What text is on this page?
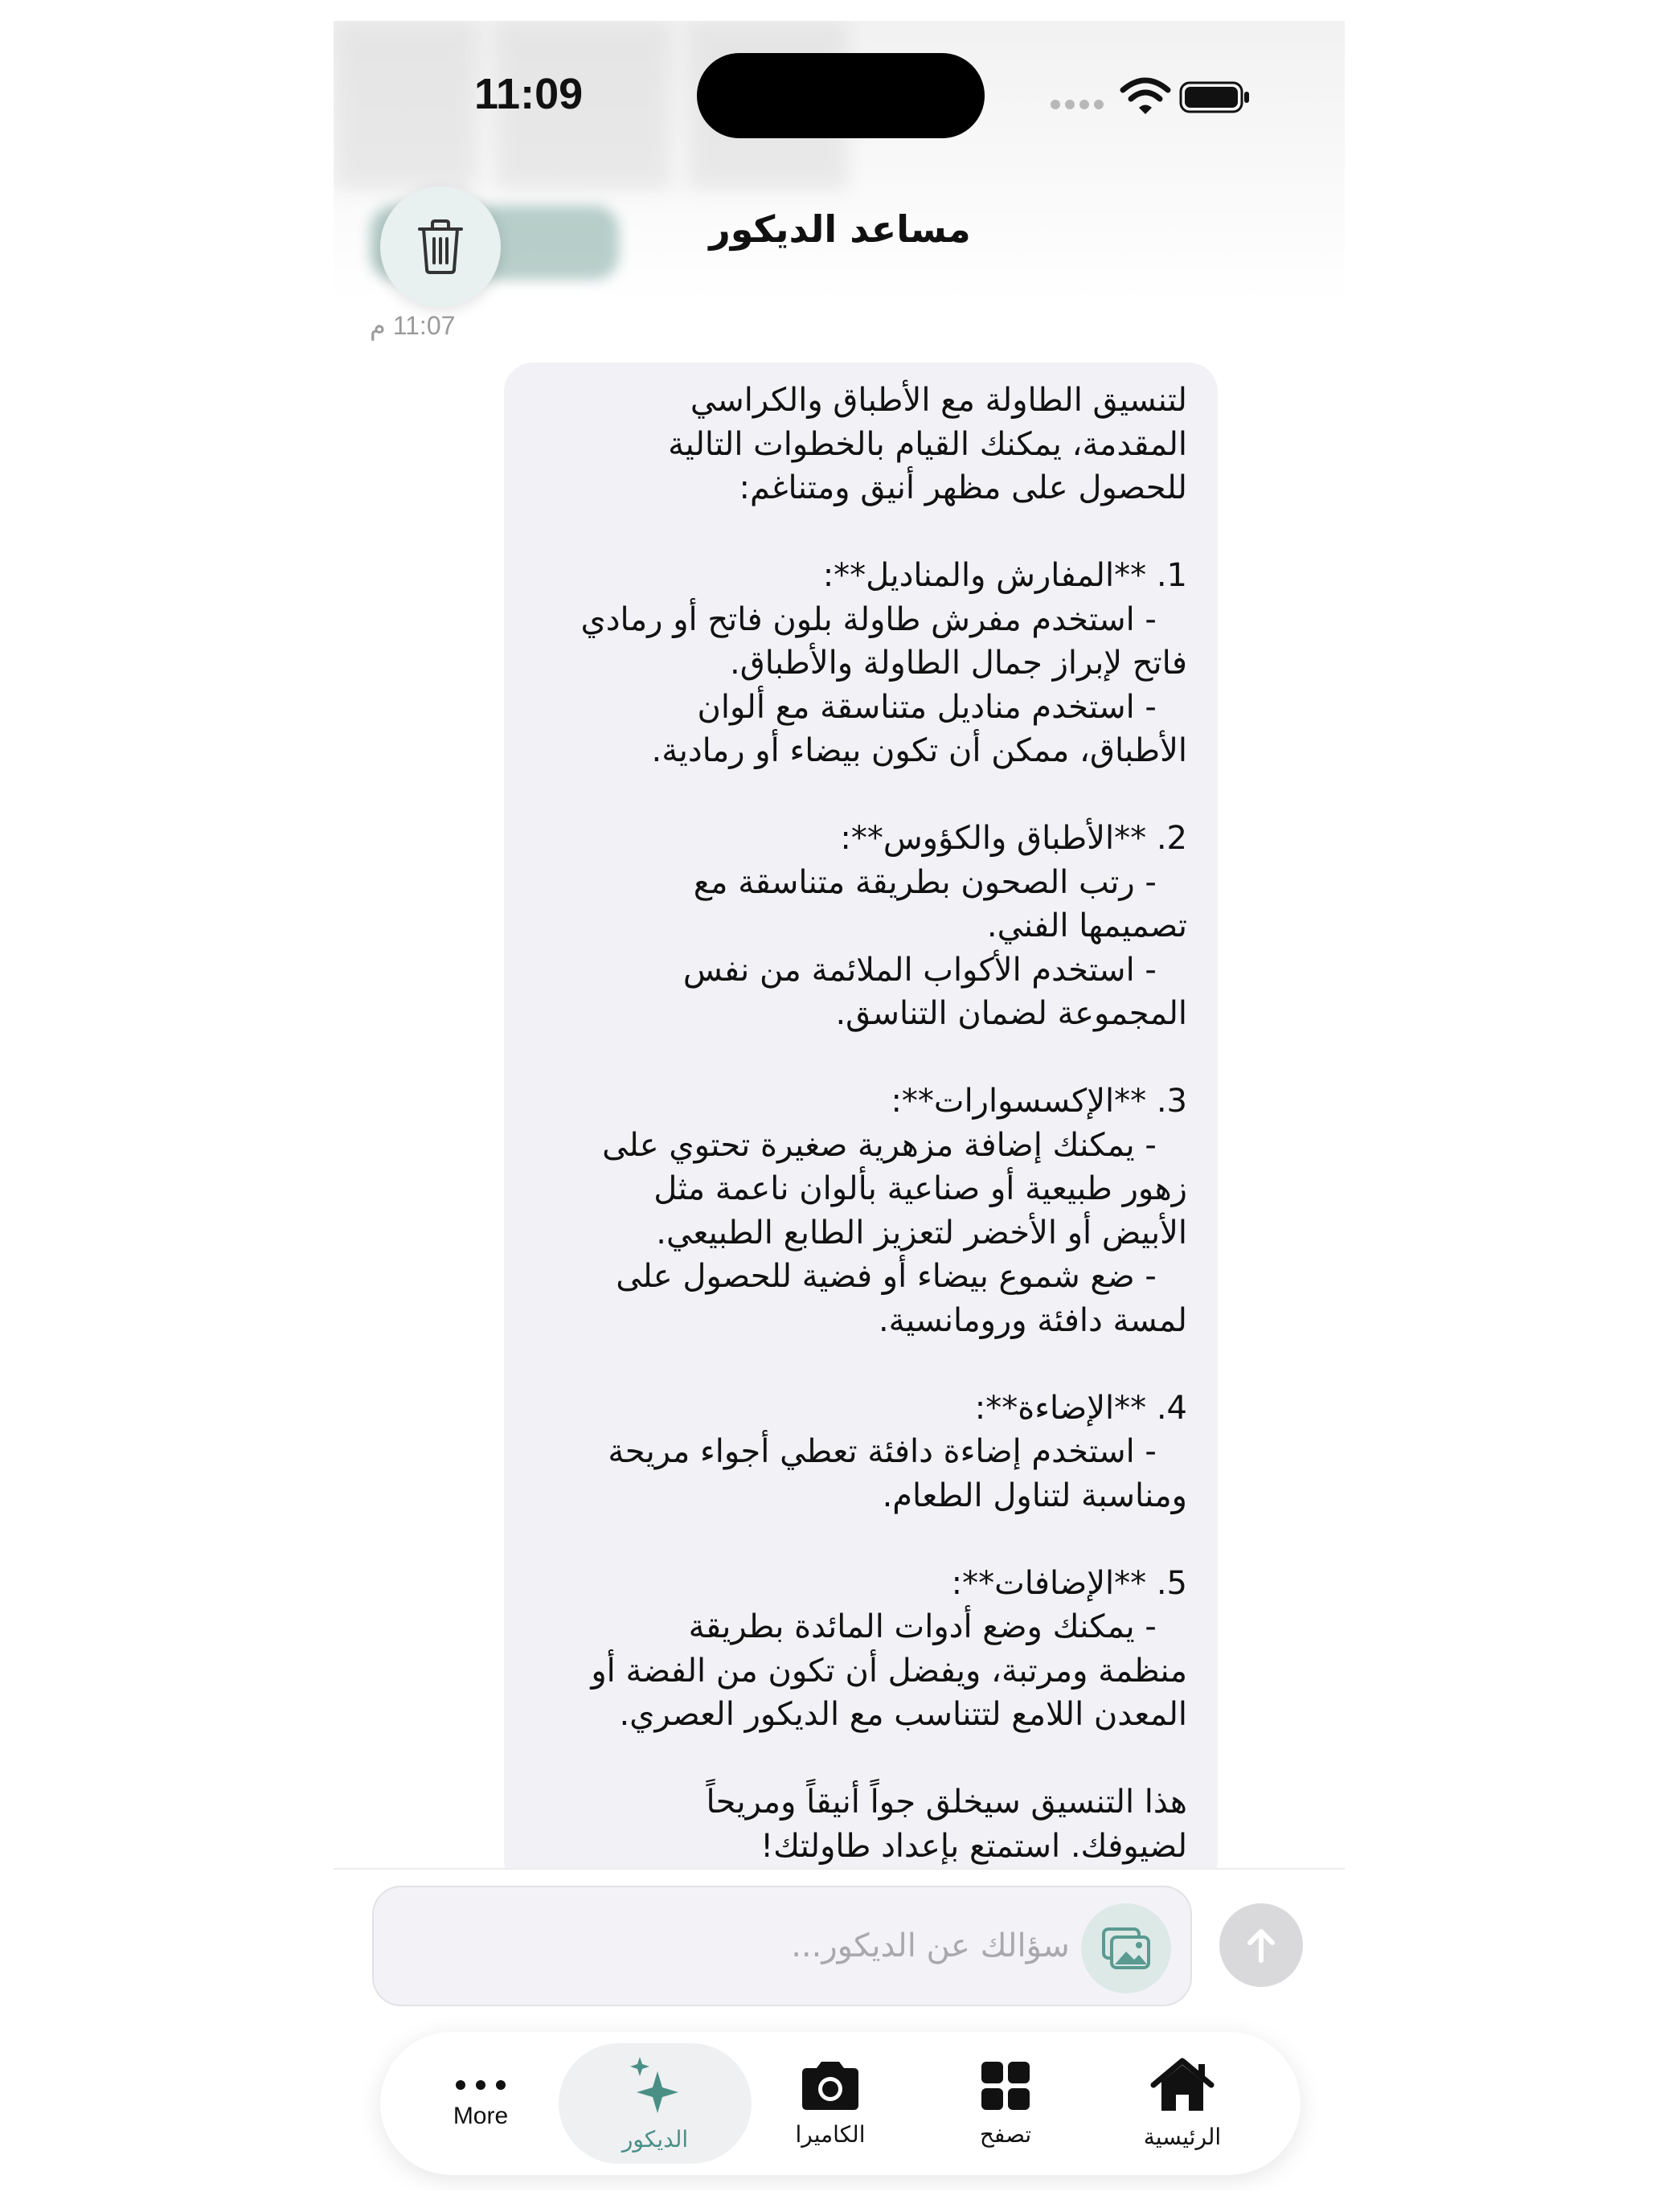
11:09
مساعد الديكور
11:07 م
لتنسيق الطاولة مع الأطباق والكراسي
المقدمة، يمكنك القيام بالخطوات التالية
للحصول على مظهر أنيق ومتناغم:

1. **المفارش والمناديل**:
- استخدم مفرش طاولة بلون فاتح أو رمادي
فاتح لإبراز جمال الطاولة والأطباق.
- استخدم مناديل متناسقة مع ألوان
الأطباق، ممكن أن تكون بيضاء أو رمادية.

2. **الأطباق والكؤوس**:
- رتب الصحون بطريقة متناسقة مع
تصميمها الفني.
- استخدم الأكواب الملائمة من نفس
المجموعة لضمان التناسق.

3. **الإكسسوارات**:
- يمكنك إضافة مزهرية صغيرة تحتوي على
زهور طبيعية أو صناعية بألوان ناعمة مثل
الأبيض أو الأخضر لتعزيز الطابع الطبيعي.
- ضع شموع بيضاء أو فضية للحصول على
لمسة دافئة ورومانسية.

4. **الإضاءة**:
- استخدم إضاءة دافئة تعطي أجواء مريحة
ومناسبة لتناول الطعام.

5. **الإضافات**:
- يمكنك وضع أدوات المائدة بطريقة
منظمة ومرتبة، ويفضل أن تكون من الفضة أو
المعدن اللامع لتتناسب مع الديكور العصري.

هذا التنسيق سيخلق جواً أنيقاً ومريحاً
لضيوفك. استمتع بإعداد طاولتك!
اكتب سؤالك عن الديكور...
More
الديكور	الكاميرا	تصفح	الرئيسية
